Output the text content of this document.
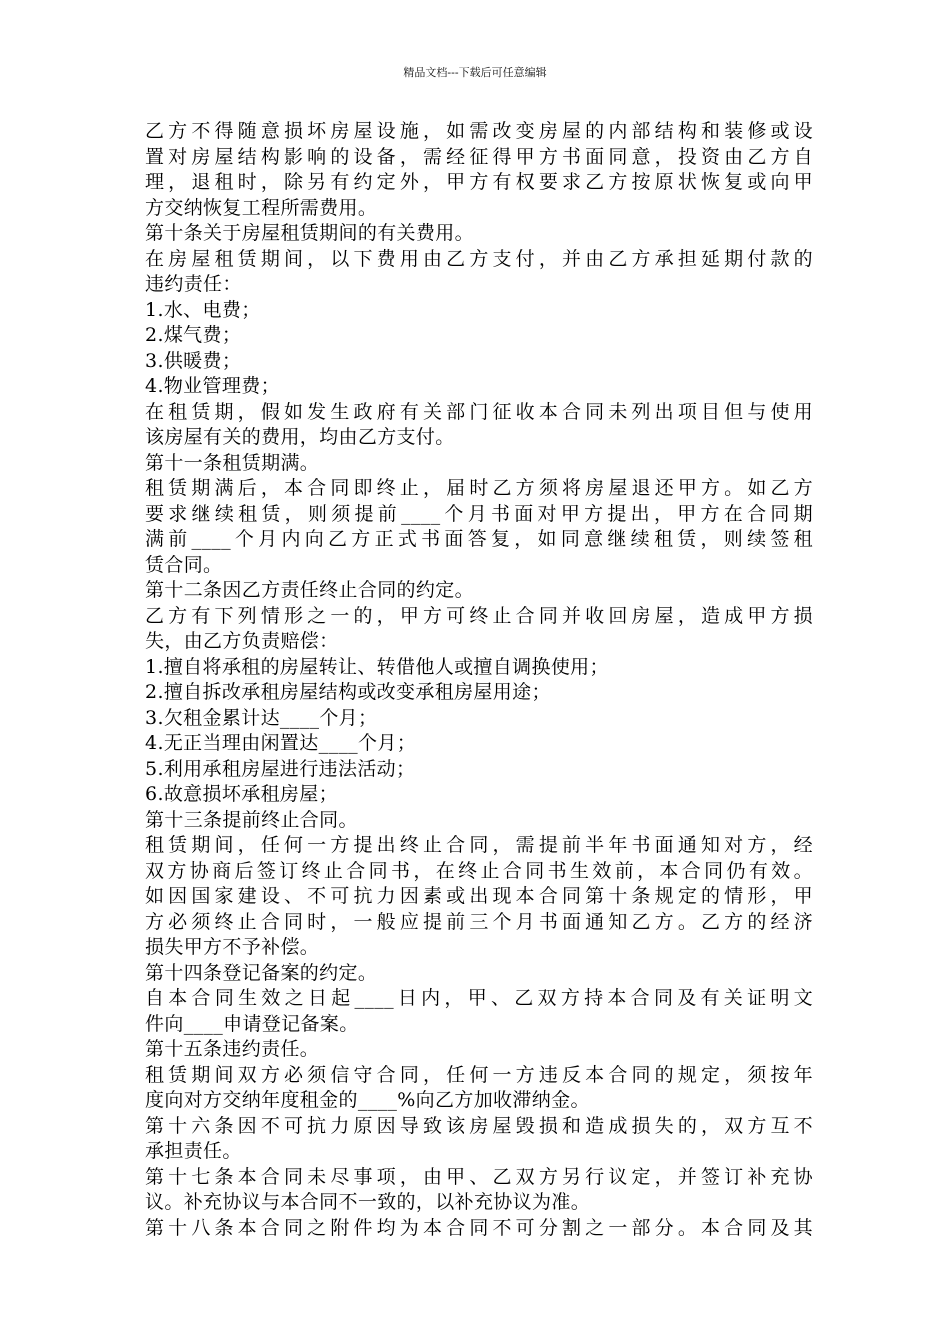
精品文档---下载后可任意编辑
乙方不得随意损坏房屋设施，如需改变房屋的内部结构和装修或设
置对房屋结构影响的设备，需经征得甲方书面同意，投资由乙方自
理，退租时，除另有约定外，甲方有权要求乙方按原状恢复或向甲
方交纳恢复工程所需费用。
第十条关于房屋租赁期间的有关费用。
在房屋租赁期间，以下费用由乙方支付，并由乙方承担延期付款的
违约责任：
1.水、电费；
2.煤气费；
3.供暖费；
4.物业管理费；
在租赁期，假如发生政府有关部门征收本合同未列出项目但与使用
该房屋有关的费用，均由乙方支付。
第十一条租赁期满。
租赁期满后，本合同即终止，届时乙方须将房屋退还甲方。如乙方
要求继续租赁，则须提前____个月书面对甲方提出，甲方在合同期
满前____个月内向乙方正式书面答复，如同意继续租赁，则续签租
赁合同。
第十二条因乙方责任终止合同的约定。
乙方有下列情形之一的，甲方可终止合同并收回房屋，造成甲方损
失，由乙方负责赔偿：
1.擅自将承租的房屋转让、转借他人或擅自调换使用；
2.擅自拆改承租房屋结构或改变承租房屋用途；
3.欠租金累计达____个月；
4.无正当理由闲置达____个月；
5.利用承租房屋进行违法活动；
6.故意损坏承租房屋；
第十三条提前终止合同。
租赁期间，任何一方提出终止合同，需提前半年书面通知对方，经
双方协商后签订终止合同书，在终止合同书生效前，本合同仍有效。
如因国家建设、不可抗力因素或出现本合同第十条规定的情形，甲
方必须终止合同时，一般应提前三个月书面通知乙方。乙方的经济
损失甲方不予补偿。
第十四条登记备案的约定。
自本合同生效之日起____日内，甲、乙双方持本合同及有关证明文
件向____申请登记备案。
第十五条违约责任。
租赁期间双方必须信守合同，任何一方违反本合同的规定，须按年
度向对方交纳年度租金的____%向乙方加收滞纳金。
第十六条因不可抗力原因导致该房屋毁损和造成损失的，双方互不
承担责任。
第十七条本合同未尽事项，由甲、乙双方另行议定，并签订补充协
议。补充协议与本合同不一致的，以补充协议为准。
第十八条本合同之附件均为本合同不可分割之一部分。本合同及其
